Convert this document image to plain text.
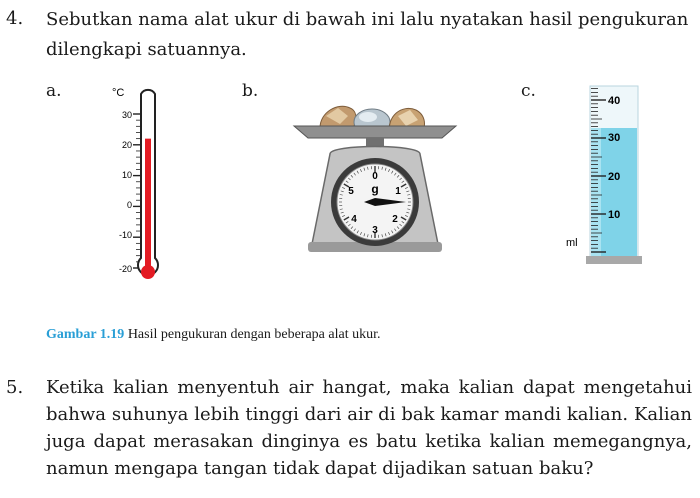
4. Sebutkan nama alat ukur di bawah ini lalu nyatakan hasil pengukuran
dilengkapi satuannya.
a.	b.	c.
°C
30
20
10
0
-10
-20
0
1
2
3
4
5 g
40
30
20
10
ml
Gambar 1.19 Hasil pengukuran dengan beberapa alat ukur.
5. Ketika kalian menyentuh air hangat, maka kalian dapat mengetahui bahwa suhunya lebih tinggi dari air di bak kamar mandi kalian. Kalian juga dapat merasakan dinginya es batu ketika kalian memegangnya, namun mengapa tangan tidak dapat dijadikan satuan baku?
